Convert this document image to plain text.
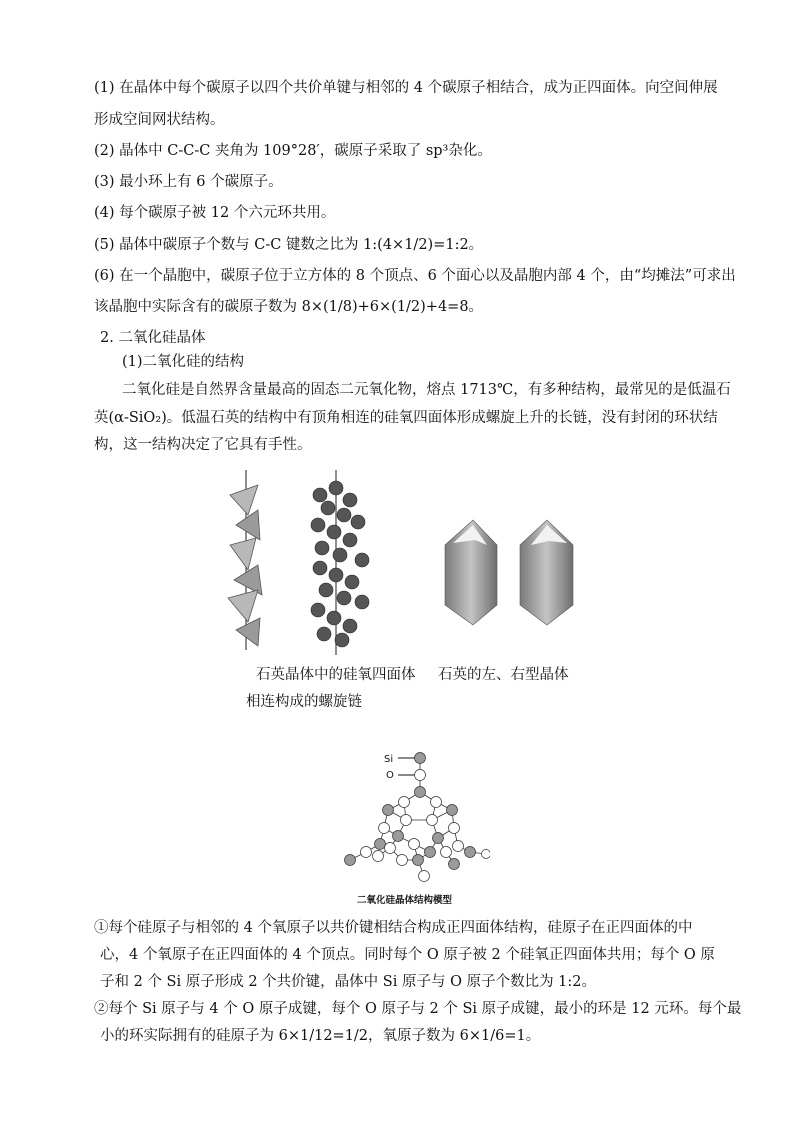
(1) 在晶体中每个碳原子以四个共价单键与相邻的 4 个碳原子相结合，成为正四面体。向空间伸展
形成空间网状结构。
(2) 晶体中 C-C-C 夹角为 109°28′，碳原子采取了 sp³杂化。
(3) 最小环上有 6 个碳原子。
(4) 每个碳原子被 12 个六元环共用。
(5) 晶体中碳原子个数与 C-C 键数之比为 1:(4×1/2)=1:2。
(6) 在一个晶胞中，碳原子位于立方体的 8 个顶点、6 个面心以及晶胞内部 4 个，由“均摊法”可求出
该晶胞中实际含有的碳原子数为 8×(1/8)+6×(1/2)+4=8。
2. 二氧化硅晶体
(1)二氧化硅的结构
二氧化硅是自然界含量最高的固态二元氧化物，熔点 1713℃，有多种结构，最常见的是低温石
英(α-SiO₂)。低温石英的结构中有顶角相连的硅氧四面体形成螺旋上升的长链，没有封闭的环状结
构，这一结构决定了它具有手性。
石英晶体中的硅氧四面体 石英的左、右型晶体
相连构成的螺旋链
Si
O
二氧化硅晶体结构模型
①每个硅原子与相邻的 4 个氧原子以共价键相结合构成正四面体结构，硅原子在正四面体的中
心，4 个氧原子在正四面体的 4 个顶点。同时每个 O 原子被 2 个硅氧正四面体共用；每个 O 原
子和 2 个 Si 原子形成 2 个共价键，晶体中 Si 原子与 O 原子个数比为 1:2。
②每个 Si 原子与 4 个 O 原子成键，每个 O 原子与 2 个 Si 原子成键，最小的环是 12 元环。每个最
小的环实际拥有的硅原子为 6×1/12=1/2，氧原子数为 6×1/6=1。
